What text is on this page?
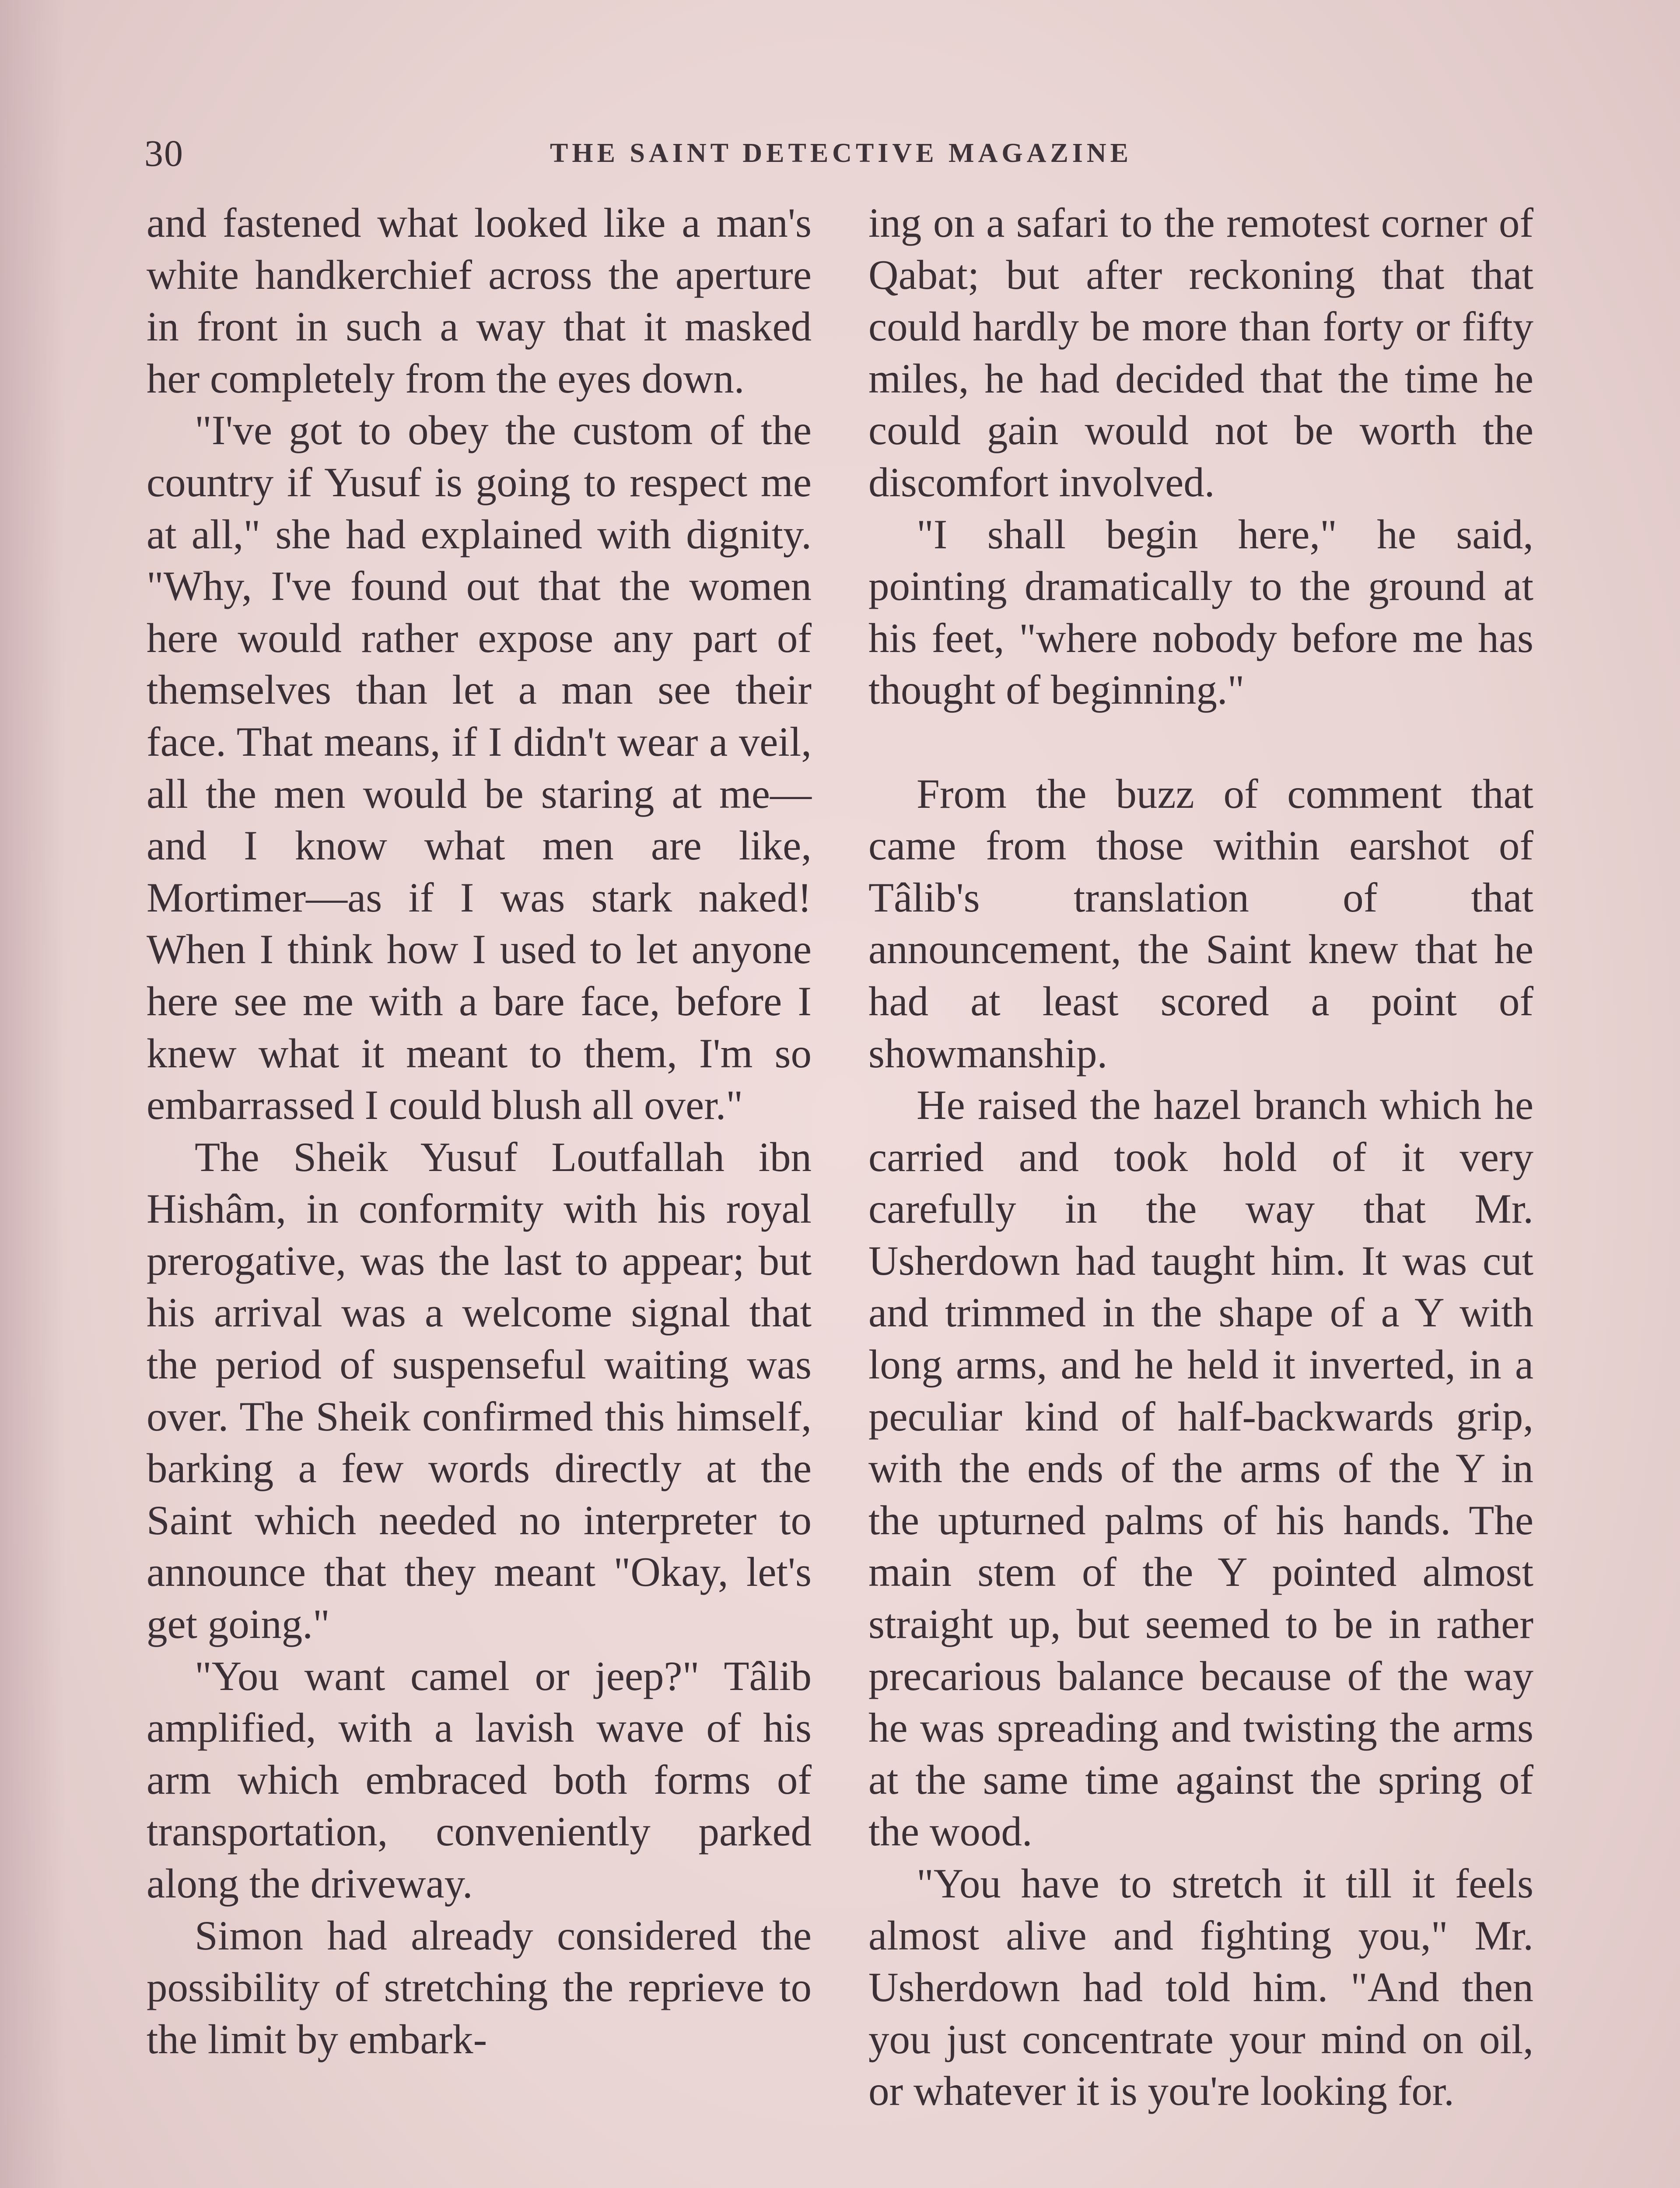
30	THE SAINT DETECTIVE MAGAZINE

and fastened what looked like a man's white handkerchief across the aperture in front in such a way that it masked her completely from the eyes down.

"I've got to obey the custom of the country if Yusuf is going to respect me at all," she had explained with dignity. "Why, I've found out that the women here would rather expose any part of themselves than let a man see their face. That means, if I didn't wear a veil, all the men would be staring at me—and I know what men are like, Mortimer—as if I was stark naked! When I think how I used to let anyone here see me with a bare face, before I knew what it meant to them, I'm so embarrassed I could blush all over."

The Sheik Yusuf Loutfallah ibn Hishâm, in conformity with his royal prerogative, was the last to appear; but his arrival was a welcome signal that the period of suspenseful waiting was over. The Sheik confirmed this himself, barking a few words directly at the Saint which needed no interpreter to announce that they meant "Okay, let's get going."

"You want camel or jeep?" Tâlib amplified, with a lavish wave of his arm which embraced both forms of transportation, conveniently parked along the driveway.

Simon had already considered the possibility of stretching the reprieve to the limit by embark-

ing on a safari to the remotest corner of Qabat; but after reckoning that that could hardly be more than forty or fifty miles, he had decided that the time he could gain would not be worth the discomfort involved.

"I shall begin here," he said, pointing dramatically to the ground at his feet, "where nobody before me has thought of beginning."

From the buzz of comment that came from those within earshot of Tâlib's translation of that announcement, the Saint knew that he had at least scored a point of showmanship.

He raised the hazel branch which he carried and took hold of it very carefully in the way that Mr. Usherdown had taught him. It was cut and trimmed in the shape of a Y with long arms, and he held it inverted, in a peculiar kind of half-backwards grip, with the ends of the arms of the Y in the upturned palms of his hands. The main stem of the Y pointed almost straight up, but seemed to be in rather precarious balance because of the way he was spreading and twisting the arms at the same time against the spring of the wood.

"You have to stretch it till it feels almost alive and fighting you," Mr. Usherdown had told him. "And then you just concentrate your mind on oil, or whatever it is you're looking for.
